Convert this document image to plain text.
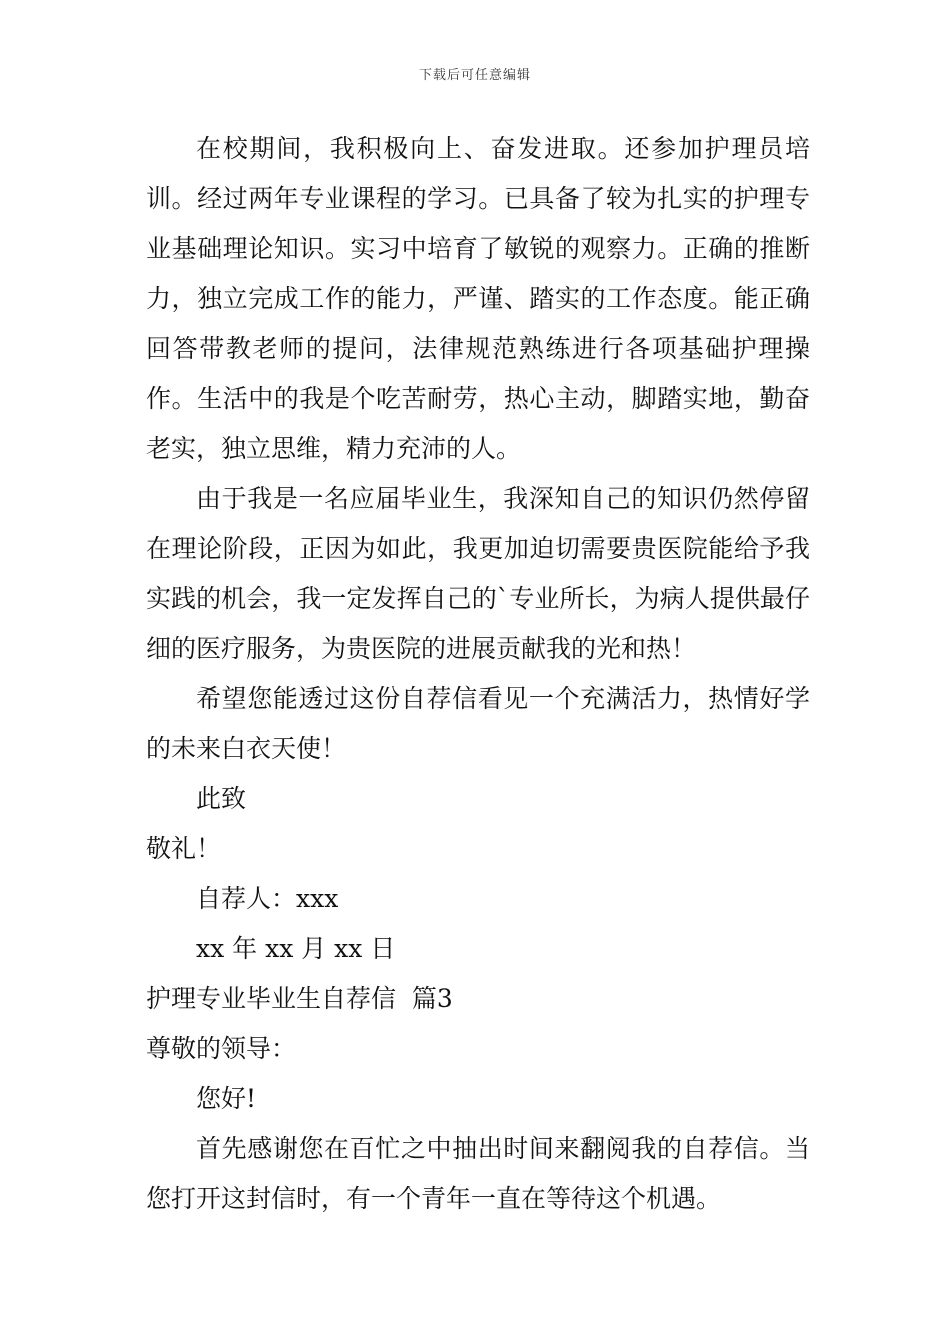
下载后可任意编辑

在校期间，我积极向上、奋发进取。还参加护理员培训。经过两年专业课程的学习。已具备了较为扎实的护理专业基础理论知识。实习中培育了敏锐的观察力。正确的推断力，独立完成工作的能力，严谨、踏实的工作态度。能正确回答带教老师的提问，法律规范熟练进行各项基础护理操作。生活中的我是个吃苦耐劳，热心主动，脚踏实地，勤奋老实，独立思维，精力充沛的人。

由于我是一名应届毕业生，我深知自己的知识仍然停留在理论阶段，正因为如此，我更加迫切需要贵医院能给予我实践的机会，我一定发挥自己的`专业所长，为病人提供最仔细的医疗服务，为贵医院的进展贡献我的光和热！

希望您能透过这份自荐信看见一个充满活力，热情好学的未来白衣天使！

此致

敬礼！

自荐人：xxx

xx 年 xx 月 xx 日

护理专业毕业生自荐信  篇3

尊敬的领导：

您好!

首先感谢您在百忙之中抽出时间来翻阅我的自荐信。当您打开这封信时，有一个青年一直在等待这个机遇。
